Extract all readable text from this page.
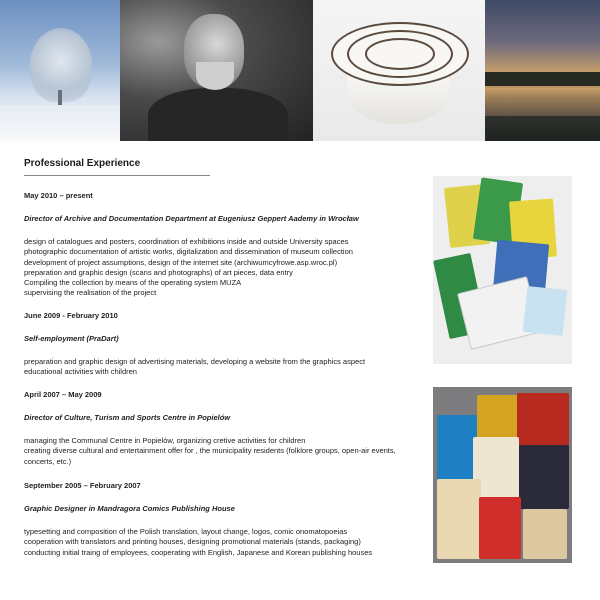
Professional Experience

May 2010 – present

Director of Archive and Documentation Department at Eugeniusz Geppert Aademy in Wrocław

design of catalogues and posters, coordination of exhibitions inside and outside University spaces
photographic documentation of artistic works, digitalization and dissemination of museum collection
development of project assumptions, design of the internet site (archiwumcyfrowe.asp.wroc.pl)
preparation and graphic design (scans and photographs) of art pieces, data entry
Compiling the collection by means of the operating system MUZA
supervising the realisation of the project

June 2009 - February 2010

Self-employment (PraDart)

preparation and graphic design of advertising materials, developing a website from the graphics aspect
educational activities with children

April 2007 – May 2009

Director of Culture, Turism and Sports Centre in Popielów

managing the Communal Centre in Popielów, organizing cretive activities for children
creating diverse cultural and entertainment offer for , the municipality residents (folklore groups, open-air events, concerts, etc.)

September 2005 – February 2007

Graphic Designer in Mandragora Comics Publishing House

typesetting and composition of the Polish translation, layout change, logos, comic onomatopoeias
cooperation with translators and printing houses, designing promotional materials (stands, packaging)
conducting initial traing of employees, cooperating with English, Japanese and Korean publishing houses
